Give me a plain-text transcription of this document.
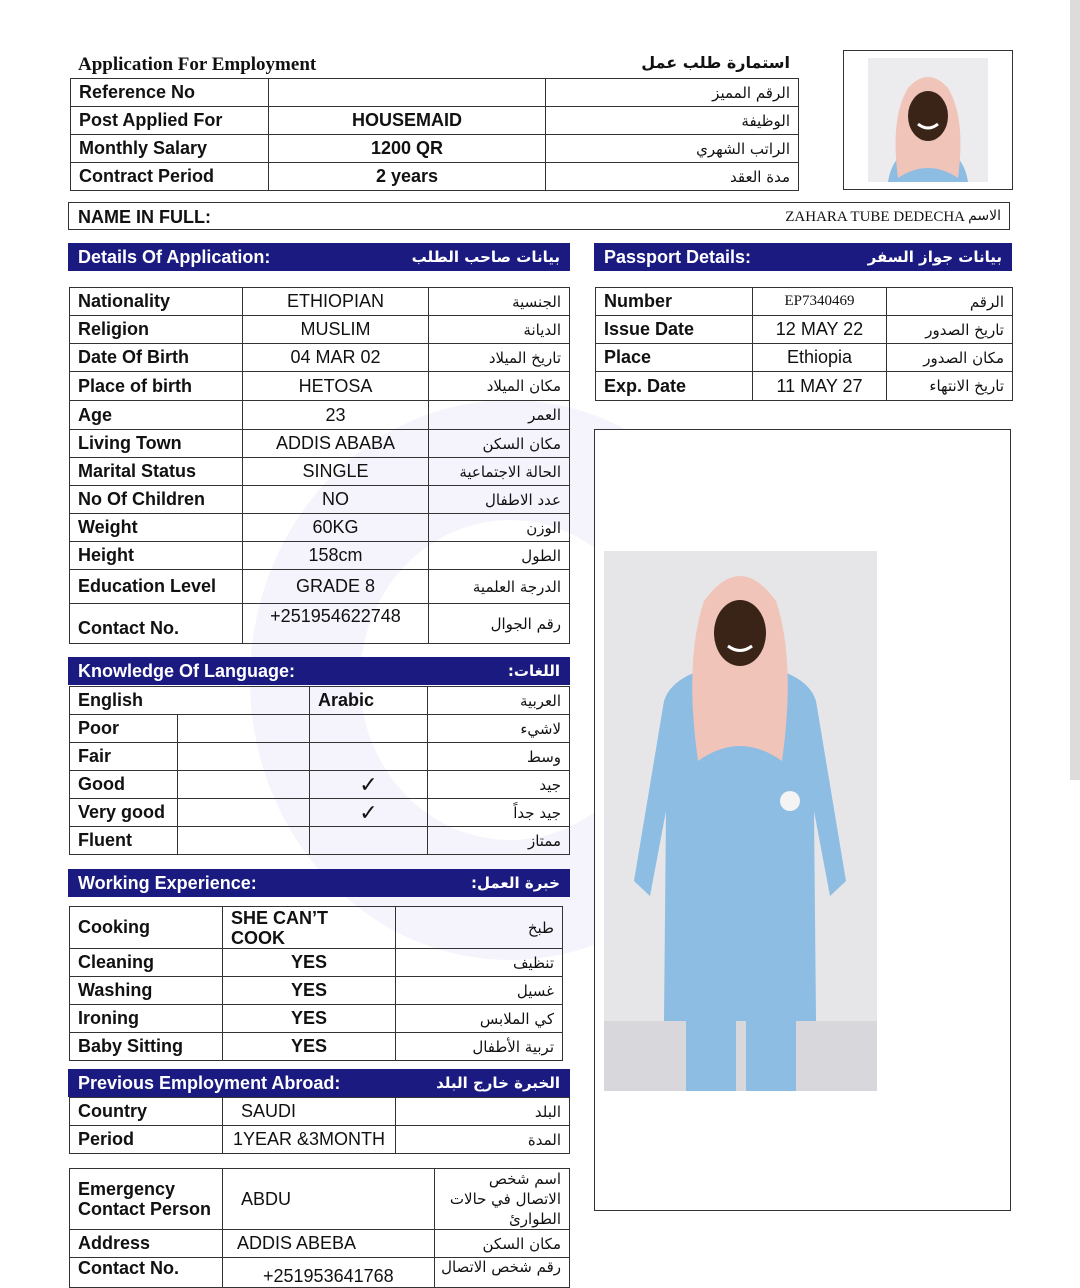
Application For Employment	استمارة طلب عمل
Reference No		الرقم المميز
Post Applied For	HOUSEMAID	الوظيفة
Monthly Salary	1200 QR	الراتب الشهري
Contract Period	2 years	مدة العقد
NAME IN FULL:	ZAHARA TUBE DEDECHA الاسم
Details Of Application:	بيانات صاحب الطلب
Nationality	ETHIOPIAN	الجنسية
Religion	MUSLIM	الديانة
Date Of Birth	04 MAR 02	تاريخ الميلاد
Place of birth	HETOSA	مكان الميلاد
Age	23	العمر
Living Town	ADDIS ABABA	مكان السكن
Marital Status	SINGLE	الحالة الاجتماعية
No Of Children	NO	عدد الاطفال
Weight	60KG	الوزن
Height	158cm	الطول
Education Level	GRADE 8	الدرجة العلمية
Contact No.	+251954622748	رقم الجوال
Passport Details:	بيانات جواز السفر
Number	EP7340469	الرقم
Issue Date	12 MAY 22	تاريخ الصدور
Place	Ethiopia	مكان الصدور
Exp. Date	11 MAY 27	تاريخ الانتهاء
Knowledge Of Language:	اللغات:
English		Arabic	العربية
Poor			لاشيء
Fair			وسط
Good		✓	جيد
Very good		✓	جيد جداً
Fluent			ممتاز
Working Experience:	خبرة العمل:
Cooking	SHE CAN’T COOK	طبخ
Cleaning	YES	تنظيف
Washing	YES	غسيل
Ironing	YES	كي الملابس
Baby Sitting	YES	تربية الأطفال
Previous Employment Abroad:	الخبرة خارج البلد
Country	SAUDI	البلد
Period	1YEAR &3MONTH	المدة
Emergency Contact Person	ABDU	اسم شخص الاتصال في حالات الطوارئ
Address	ADDIS ABEBA	مكان السكن
Contact No.	+251953641768	رقم شخص الاتصال
